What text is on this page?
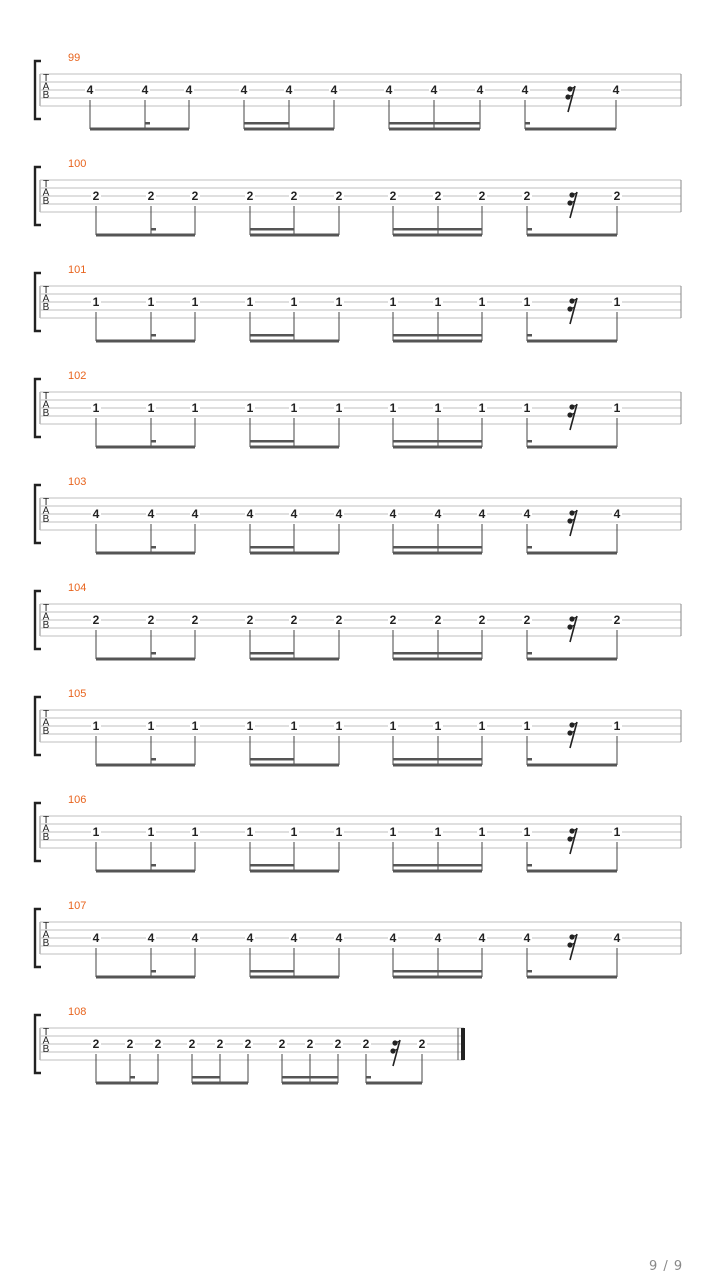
T
A
B
99
4	4	4	4	4	4	4	4	4	4	4
T
A
B
100
2	2	2	2	2	2	2	2	2	2	2
T
A
B
101
1	1	1	1	1	1	1	1	1	1	1
T
A
B
102
1	1	1	1	1	1	1	1	1	1	1
T
A
B
103
4	4	4	4	4	4	4	4	4	4	4
T
A
B
104
2	2	2	2	2	2	2	2	2	2	2
T
A
B
105
1	1	1	1	1	1	1	1	1	1	1
T
A
B
106
1	1	1	1	1	1	1	1	1	1	1
T
A
B
107
4	4	4	4	4	4	4	4	4	4	4
T
A
B
108
2 2 2 2 2 2 2 2 2 2	2
9 / 9
